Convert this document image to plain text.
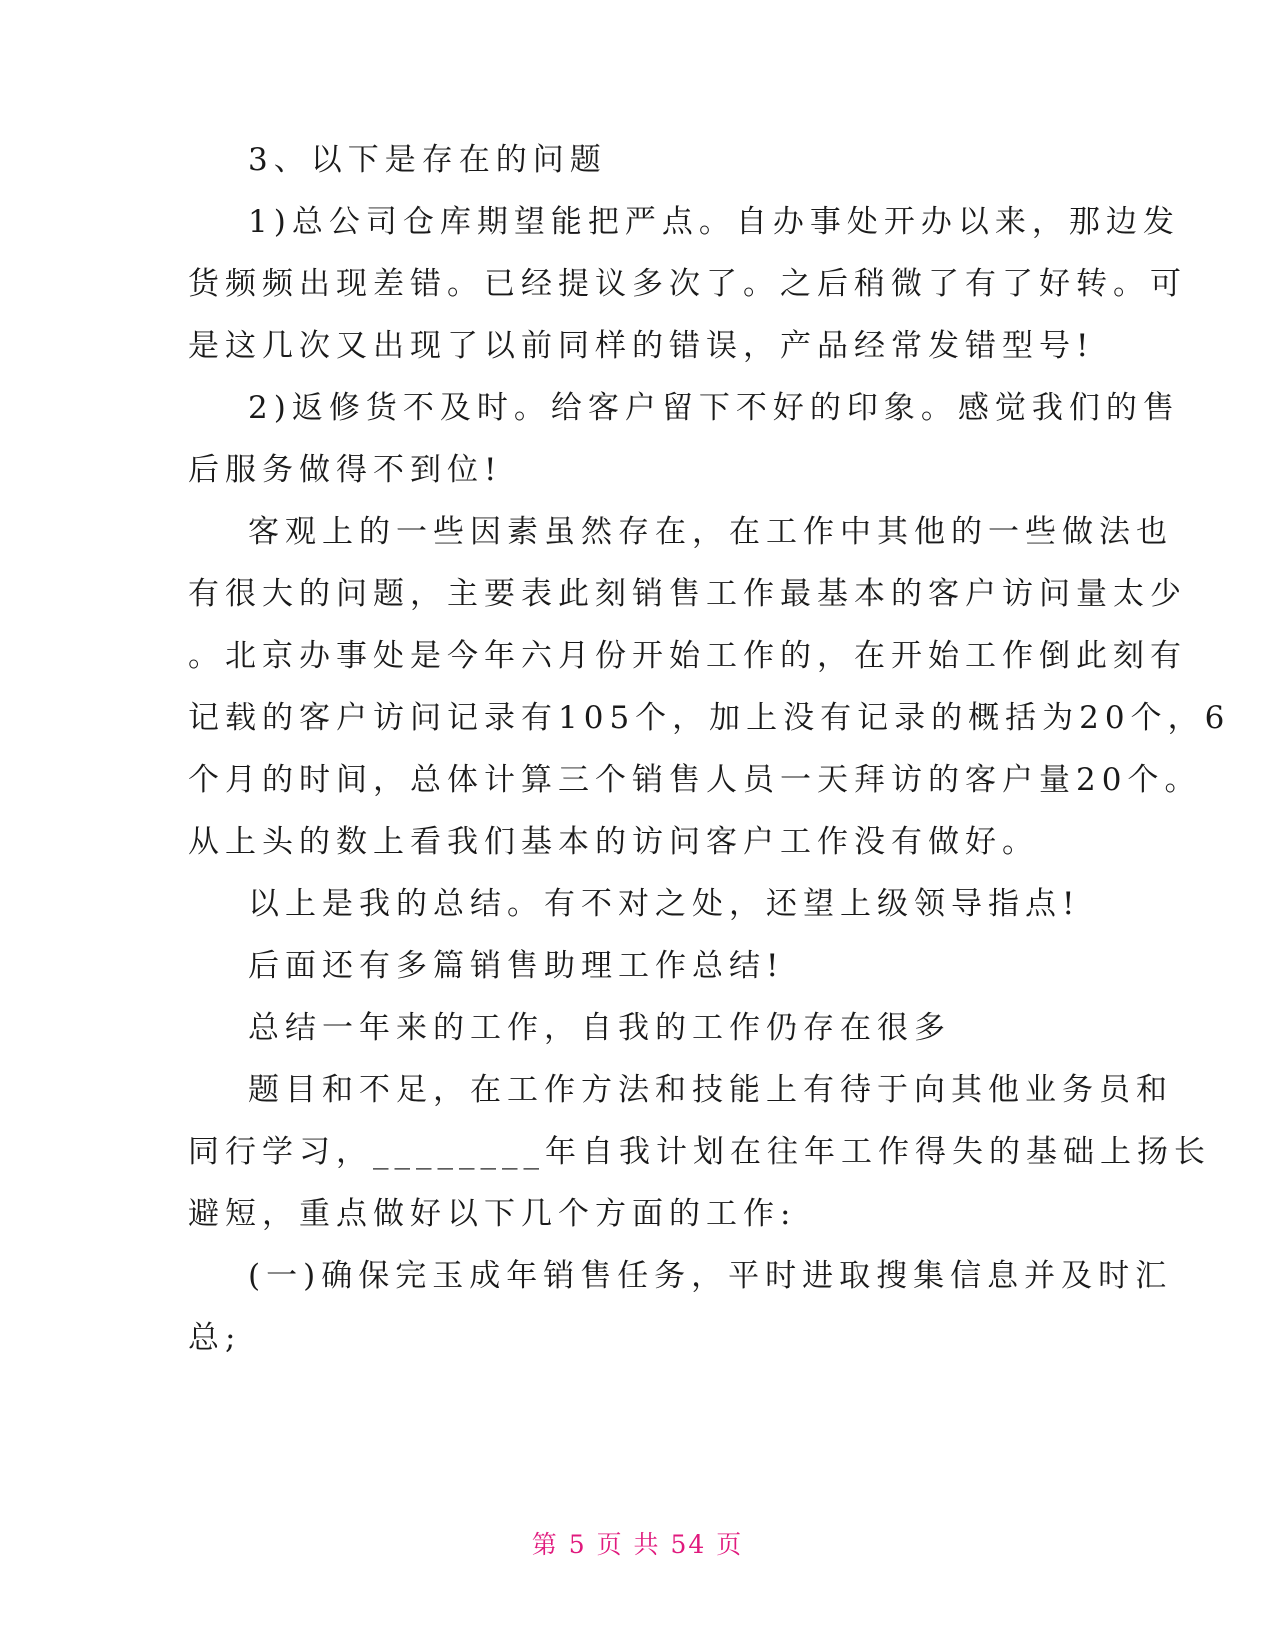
3、以下是存在的问题
1)总公司仓库期望能把严点。自办事处开办以来，那边发
货频频出现差错。已经提议多次了。之后稍微了有了好转。可
是这几次又出现了以前同样的错误，产品经常发错型号!
2)返修货不及时。给客户留下不好的印象。感觉我们的售
后服务做得不到位!
客观上的一些因素虽然存在，在工作中其他的一些做法也
有很大的问题，主要表此刻销售工作最基本的客户访问量太少
。北京办事处是今年六月份开始工作的，在开始工作倒此刻有
记载的客户访问记录有105个，加上没有记录的概括为20个，6
个月的时间，总体计算三个销售人员一天拜访的客户量20个。
从上头的数上看我们基本的访问客户工作没有做好。
以上是我的总结。有不对之处，还望上级领导指点!
后面还有多篇销售助理工作总结!
总结一年来的工作，自我的工作仍存在很多
题目和不足，在工作方法和技能上有待于向其他业务员和
同行学习，________年自我计划在往年工作得失的基础上扬长
避短，重点做好以下几个方面的工作:
(一)确保完玉成年销售任务，平时进取搜集信息并及时汇
总;
第 5 页 共 54 页
